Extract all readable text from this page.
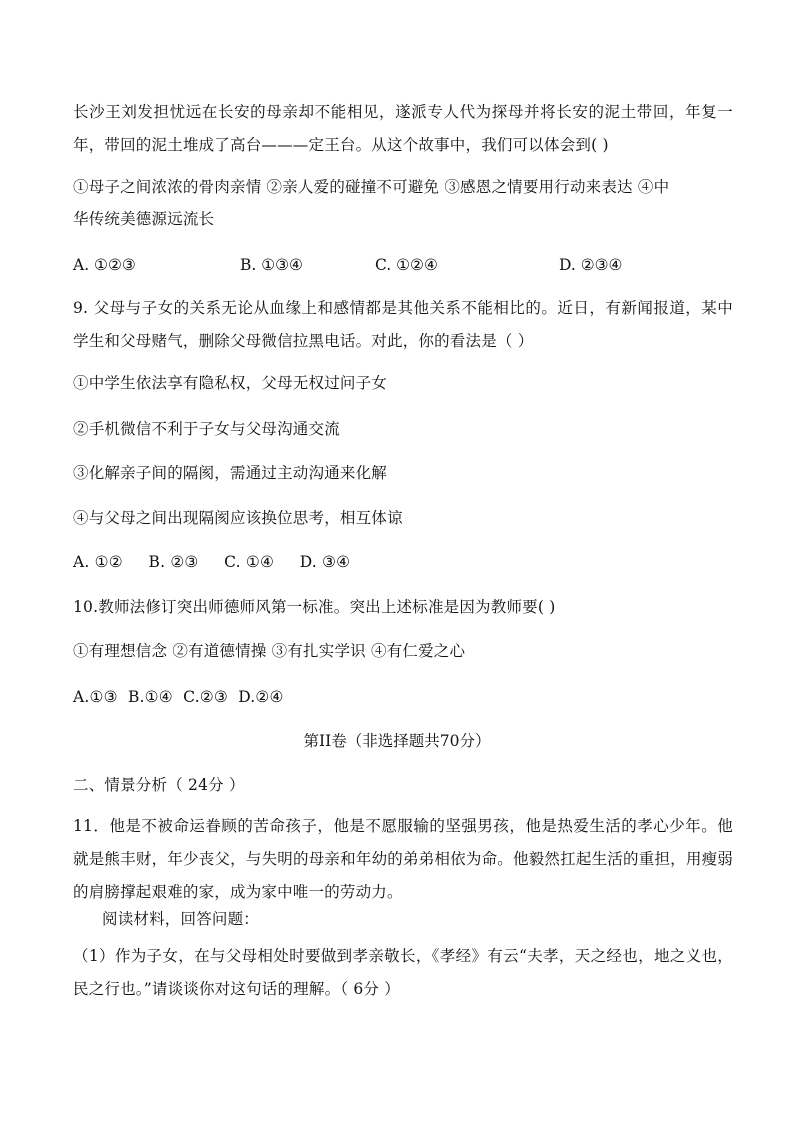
长沙王刘发担忧远在长安的母亲却不能相见，遂派专人代为探母并将长安的泥土带回，年复一年，带回的泥土堆成了高台———定王台。从这个故事中，我们可以体会到( )
①母子之间浓浓的骨肉亲情 ②亲人爱的碰撞不可避免 ③感恩之情要用行动来表达 ④中
华传统美德源远流长
A. ①②③	B. ①③④	C. ①②④	D. ②③④
9. 父母与子女的关系无论从血缘上和感情都是其他关系不能相比的。近日，有新闻报道，某中学生和父母赌气，删除父母微信拉黑电话。对此，你的看法是（ ）
①中学生依法享有隐私权，父母无权过问子女
②手机微信不利于子女与父母沟通交流
③化解亲子间的隔阂，需通过主动沟通来化解
④与父母之间出现隔阂应该换位思考，相互体谅
A. ①②     B. ②③     C. ①④     D. ③④
10.教师法修订突出师德师风第一标准。突出上述标准是因为教师要( )
①有理想信念 ②有道德情操 ③有扎实学识 ④有仁爱之心
A.①③  B.①④  C.②③  D.②④
第II卷（非选择题共70分）
二、情景分析（ 24分 ）
11．他是不被命运眷顾的苦命孩子，他是不愿服输的坚强男孩，他是热爱生活的孝心少年。他就是熊丰财，年少丧父，与失明的母亲和年幼的弟弟相依为命。他毅然扛起生活的重担，用瘦弱的肩膀撑起艰难的家，成为家中唯一的劳动力。
阅读材料，回答问题：
（1）作为子女，在与父母相处时要做到孝亲敬长，《孝经》有云“夫孝，天之经也，地之义也，民之行也。”请谈谈你对这句话的理解。（ 6分 ）
